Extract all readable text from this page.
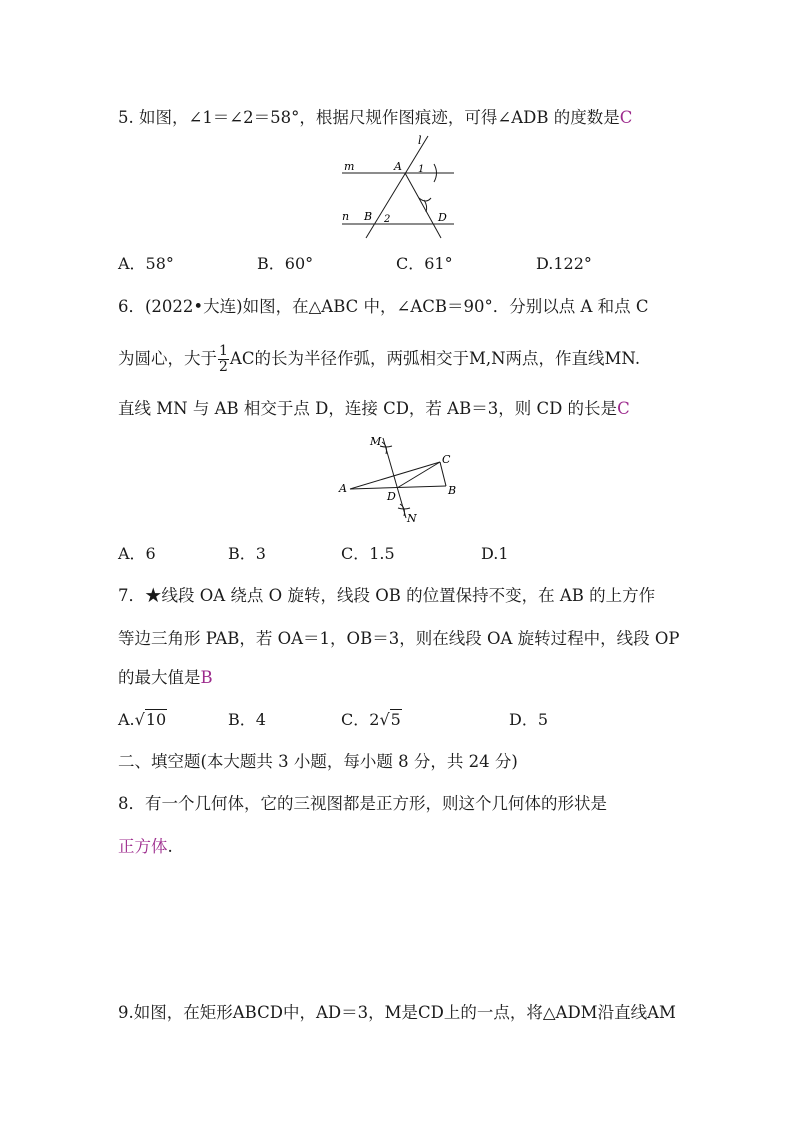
5. 如图，∠1＝∠2＝58°，根据尺规作图痕迹，可得∠ADB 的度数是C
l
m
n
A 1
B 2	D
A．58°	B．60°	C．61°	D.122°
6．(2022•大连)如图，在△ABC 中，∠ACB＝90°．分别以点 A 和点 C
为圆心，大于 $\frac{1}{2}$ AC的长为半径作弧，两弧相交于M,N两点，作直线MN.
直线 MN 与 AB 相交于点 D，连接 CD，若 AB＝3，则 CD 的长是C
M
C
A
D	B
N
A．6	B．3	C．1.5	D.1
7．★线段 OA 绕点 O 旋转，线段 OB 的位置保持不变，在 AB 的上方作
等边三角形 PAB，若 OA＝1，OB＝3，则在线段 OA 旋转过程中，线段 OP
的最大值是B
A.√10	B．4	C．2√5	D．5
二、填空题(本大题共 3 小题，每小题 8 分，共 24 分)
8．有一个几何体，它的三视图都是正方形，则这个几何体的形状是
正方体.
9.如图，在矩形ABCD中，AD＝3，M是CD上的一点，将△ADM沿直线AM
